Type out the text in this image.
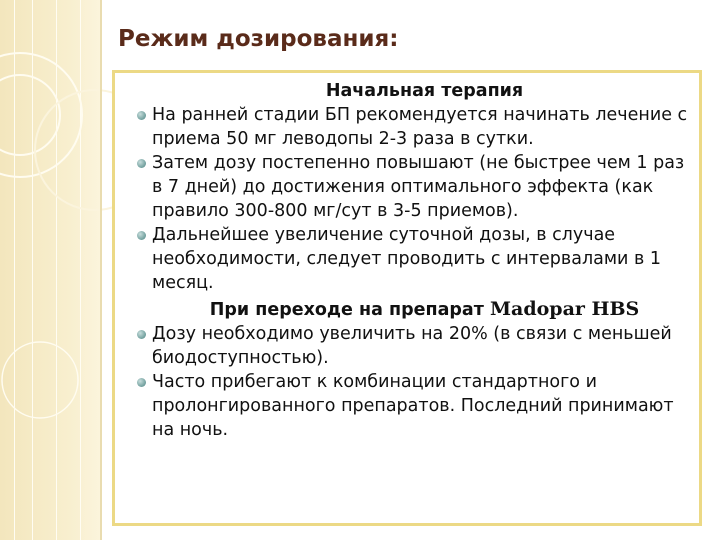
Режим дозирования:
Начальная терапия
На ранней стадии БП рекомендуется начинать лечение с приема 50 мг леводопы 2-3 раза в сутки.
Затем дозу постепенно повышают (не быстрее чем 1 раз в 7 дней) до достижения оптимального эффекта (как правило 300-800 мг/сут в 3-5 приемов).
Дальнейшее увеличение суточной дозы, в случае необходимости, следует проводить с интервалами в 1 месяц.
При переходе на препарат Madopar HBS
Дозу необходимо увеличить на 20% (в связи с меньшей биодоступностью).
Часто прибегают к комбинации стандартного и пролонгированного препаратов. Последний принимают на ночь.
